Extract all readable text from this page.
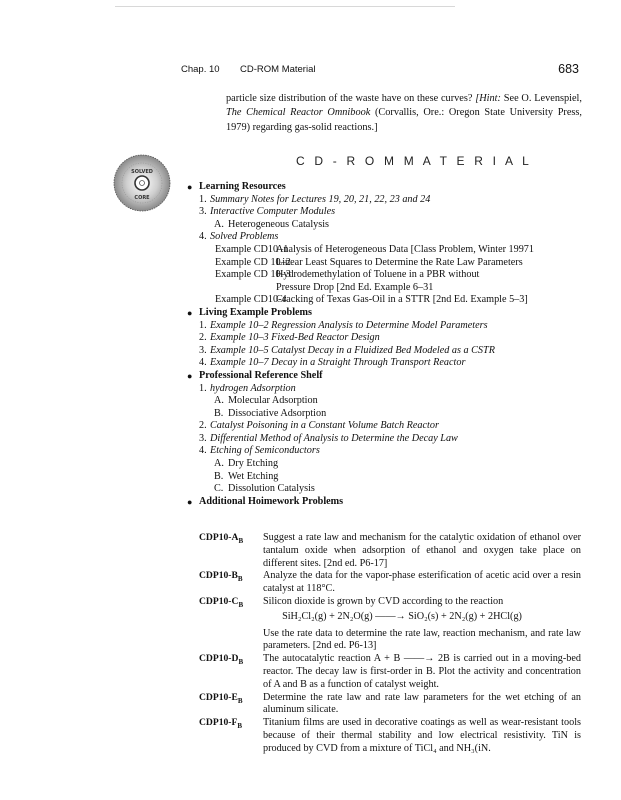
Chap. 10 CD-ROM Material	683
particle size distribution of the waste have on these curves? [Hint: See O. Levenspiel, The Chemical Reactor Omnibook (Corvallis, Ore.: Oregon State University Press, 1979) regarding gas-solid reactions.]
SOLVED
CORE
C D - R O M M A T E R I A L
● Learning Resources
1. Summary Notes for Lectures 19, 20, 21, 22, 23 and 24
3. Interactive Computer Modules
A. Heterogeneous Catalysis
4. Solved Problems
Example CD10–1
Analysis of Heterogeneous Data [Class Problem, Winter 19971
Example CD 10–2
Linear Least Squares to Determine the Rate Law Parameters
Example CD 10–3
Hydrodemethylation of Toluene in a PBR without
Pressure Drop [2nd Ed. Example 6–31
Example CD10-4
Cracking of Texas Gas-Oil in a STTR [2nd Ed. Example 5–3]
● Living Example Problems
1. Example 10–2 Regression Analysis to Determine Model Parameters
2. Example 10–3 Fixed-Bed Reactor Design
3. Example 10–5 Catalyst Decay in a Fluidized Bed Modeled as a CSTR
4. Example 10–7 Decay in a Straight Through Transport Reactor
● Professional Reference Shelf
1. hydrogen Adsorption
A. Molecular Adsorption
B. Dissociative Adsorption
2. Catalyst Poisoning in a Constant Volume Batch Reactor
3. Differential Method of Analysis to Determine the Decay Law
4. Etching of Semiconductors
A. Dry Etching
B. Wet Etching
C. Dissolution Catalysis
● Additional Hoimework Problems
$CDP10-A_B$	Suggest a rate law and mechanism for the catalytic oxidation of ethanol over tantalum oxide when adsorption of ethanol and oxygen take place on different sites. [2nd ed. P6-17]
$CDP10-B_B$	Analyze the data for the vapor-phase esterification of acetic acid over a resin catalyst at 118°C.
$CDP10-C_B$	Silicon dioxide is grown by CVD according to the reaction
SiH₂Cl₂(g) + 2N₂O(g) ——→ SiO₂(s) + 2N₂(g) + 2HCl(g)
Use the rate data to determine the rate law, reaction mechanism, and rate law parameters. [2nd ed. P6-13]
$CDP10-D_B$	The autocatalytic reaction A + B ——→ 2B is carried out in a moving-bed reactor. The decay law is first-order in B. Plot the activity and concentration of A and B as a function of catalyst weight.
$CDP10-E_B$	Determine the rate law and rate law parameters for the wet etching of an aluminum silicate.
$CDP10-F_B$	Titanium films are used in decorative coatings as well as wear-resistant tools because of their thermal stability and low electrical resistivity. TiN is produced by CVD from a mixture of TiCl₄ and NH₃(iN.
